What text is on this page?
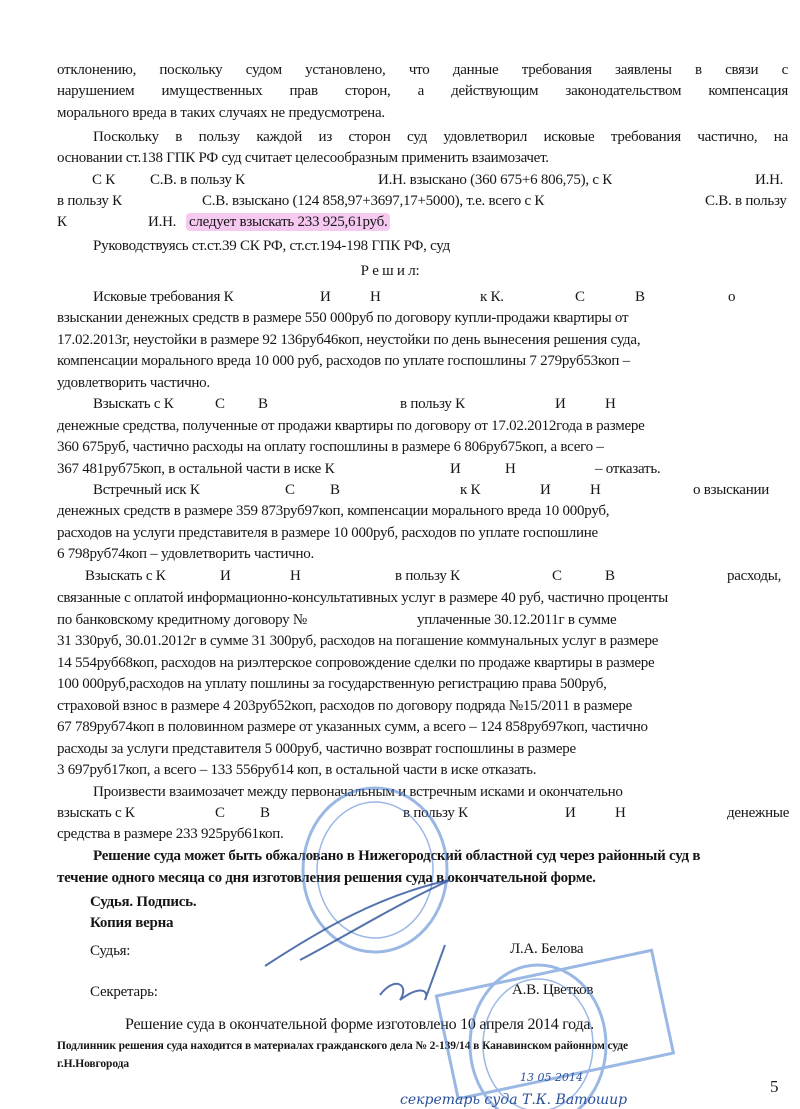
отклонению, поскольку судом установлено, что данные требования заявлены в связи с
нарушением имущественных прав сторон, а действующим законодательством компенсация
морального вреда в таких случаях не предусмотрена.
Поскольку в пользу каждой из сторон суд удовлетворил исковые требования частично, на
основании ст.138 ГПК РФ суд считает целесообразным применить взаимозачет.
С К С.В. в пользу К	И.Н. взыскано (360 675+6 806,75), с К	И.Н.
в пользу К	С.В. взыскано (124 858,97+3697,17+5000), т.е. всего с К	С.В. в пользу
К	И.Н. следует взыскать 233 925,61руб.
Руководствуясь ст.ст.39 СК РФ, ст.ст.194-198 ГПК РФ, суд
Р е ш и л:
Исковые требования К	И	Н	к К.	С	В	о
взыскании денежных средств в размере 550 000руб по договору купли-продажи квартиры от
17.02.2013г, неустойки в размере 92 136руб46коп, неустойки по день вынесения решения суда,
компенсации морального вреда 10 000 руб, расходов по уплате госпошлины 7 279руб53коп –
удовлетворить частично.
Взыскать с К	С В	в пользу К	И	Н
денежные средства, полученные от продажи квартиры по договору от 17.02.2012года в размере
360 675руб, частично расходы на оплату госпошлины в размере 6 806руб75коп, а всего –
367 481руб75коп, в остальной части в иске К	И	Н	– отказать.
Встречный иск К	С В	к К	И	Н	о взыскании
денежных средств в размере 359 873руб97коп, компенсации морального вреда 10 000руб,
расходов на услуги представителя в размере 10 000руб, расходов по уплате госпошлине
6 798руб74коп – удовлетворить частично.
Взыскать с К	И	Н	в пользу К	С	В	расходы,
связанные с оплатой информационно-консультативных услуг в размере 40 руб, частично проценты
по банковскому кредитному договору №	уплаченные 30.12.2011г в сумме
31 330руб, 30.01.2012г в сумме 31 300руб, расходов на погашение коммунальных услуг в размере
14 554руб68коп, расходов на риэлтерское сопровождение сделки по продаже квартиры в размере
100 000руб,расходов на уплату пошлины за государственную регистрацию права 500руб,
страховой взнос в размере 4 203руб52коп, расходов по договору подряда №15/2011 в размере
67 789руб74коп в половинном размере от указанных сумм, а всего – 124 858руб97коп, частично
расходы за услуги представителя 5 000руб, частично возврат госпошлины в размере
3 697руб17коп, а всего – 133 556руб14 коп, в остальной части в иске отказать.
Произвести взаимозачет между первоначальным и встречным исками и окончательно
взыскать с К	С В	в пользу К	И	Н	денежные
средства в размере 233 925руб61коп.
Решение суда может быть обжаловано в Нижегородский областной суд через районный суд в
течение одного месяца со дня изготовления решения суда в окончательной форме.
Судья. Подпись.
Копия верна
Судья:	Л.А. Белова
Секретарь:	А.В. Цветков
Решение суда в окончательной форме изготовлено 10 апреля 2014 года.
Подлинник решения суда находится в материалах гражданского дела № 2-139/14 в Канавинском районном суде
г.Н.Новгорода
5
13 05 2014
секретарь суда Т.К. Ватошир
